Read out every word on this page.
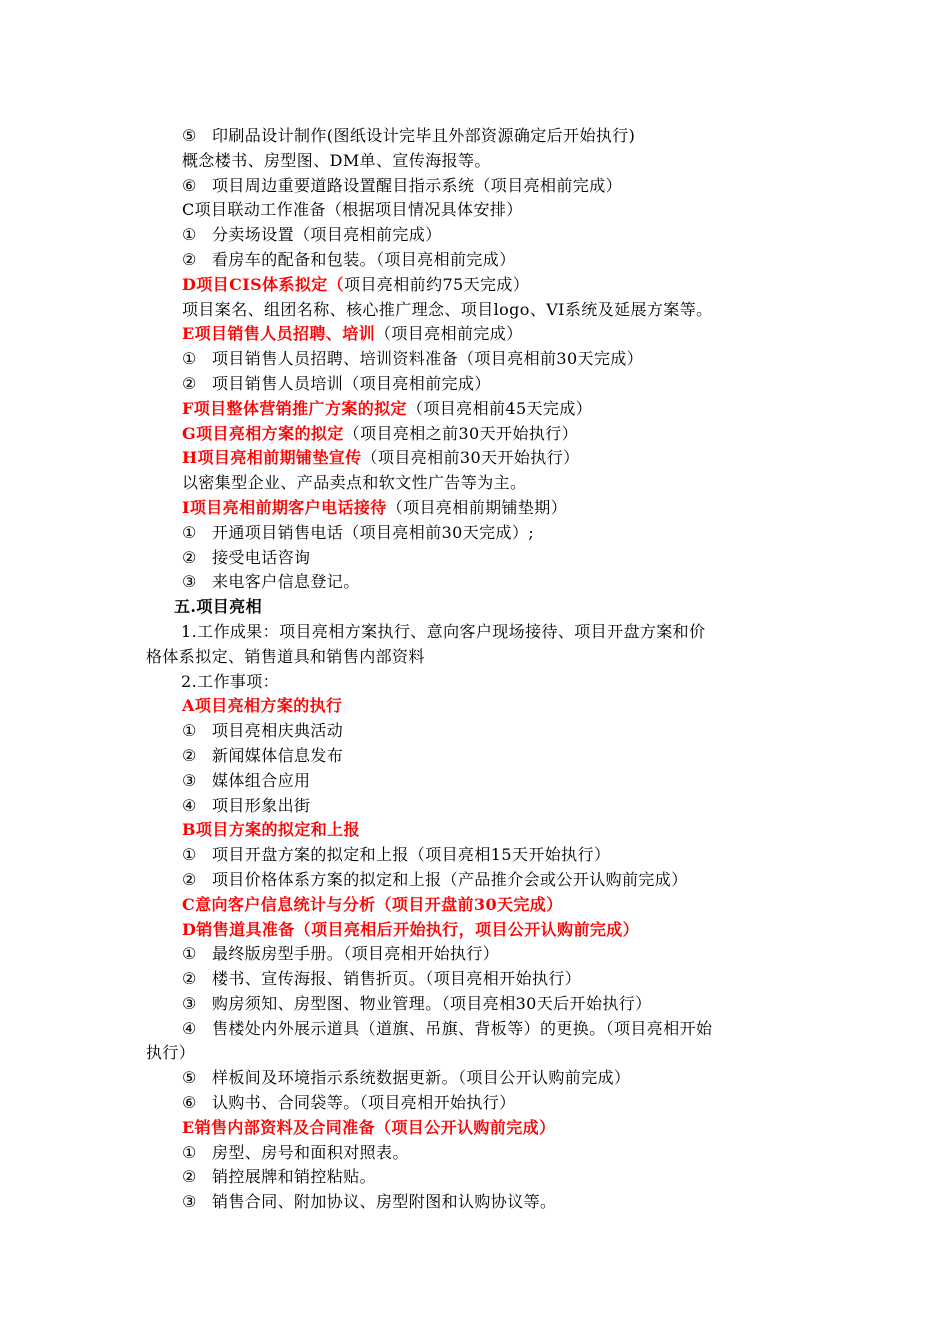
⑤ 印刷品设计制作(图纸设计完毕且外部资源确定后开始执行)
概念楼书、房型图、DM单、宣传海报等。
⑥ 项目周边重要道路设置醒目指示系统（项目亮相前完成）
C项目联动工作准备（根据项目情况具体安排）
① 分卖场设置（项目亮相前完成）
② 看房车的配备和包装。（项目亮相前完成）
D项目CIS体系拟定（项目亮相前约75天完成）
项目案名、组团名称、核心推广理念、项目logo、VI系统及延展方案等。
E项目销售人员招聘、培训（项目亮相前完成）
① 项目销售人员招聘、培训资料准备（项目亮相前30天完成）
② 项目销售人员培训（项目亮相前完成）
F项目整体营销推广方案的拟定（项目亮相前45天完成）
G项目亮相方案的拟定（项目亮相之前30天开始执行）
H项目亮相前期铺垫宣传（项目亮相前30天开始执行）
以密集型企业、产品卖点和软文性广告等为主。
I项目亮相前期客户电话接待（项目亮相前期铺垫期）
① 开通项目销售电话（项目亮相前30天完成）;
② 接受电话咨询
③ 来电客户信息登记。
五.项目亮相
1.工作成果：项目亮相方案执行、意向客户现场接待、项目开盘方案和价
格体系拟定、销售道具和销售内部资料
2.工作事项：
A项目亮相方案的执行
① 项目亮相庆典活动
② 新闻媒体信息发布
③ 媒体组合应用
④ 项目形象出街
B项目方案的拟定和上报
① 项目开盘方案的拟定和上报（项目亮相15天开始执行）
② 项目价格体系方案的拟定和上报（产品推介会或公开认购前完成）
C意向客户信息统计与分析（项目开盘前30天完成）
D销售道具准备（项目亮相后开始执行，项目公开认购前完成）
① 最终版房型手册。（项目亮相开始执行）
② 楼书、宣传海报、销售折页。（项目亮相开始执行）
③ 购房须知、房型图、物业管理。（项目亮相30天后开始执行）
④ 售楼处内外展示道具（道旗、吊旗、背板等）的更换。（项目亮相开始
执行）
⑤ 样板间及环境指示系统数据更新。（项目公开认购前完成）
⑥ 认购书、合同袋等。（项目亮相开始执行）
E销售内部资料及合同准备（项目公开认购前完成）
① 房型、房号和面积对照表。
② 销控展牌和销控粘贴。
③ 销售合同、附加协议、房型附图和认购协议等。
